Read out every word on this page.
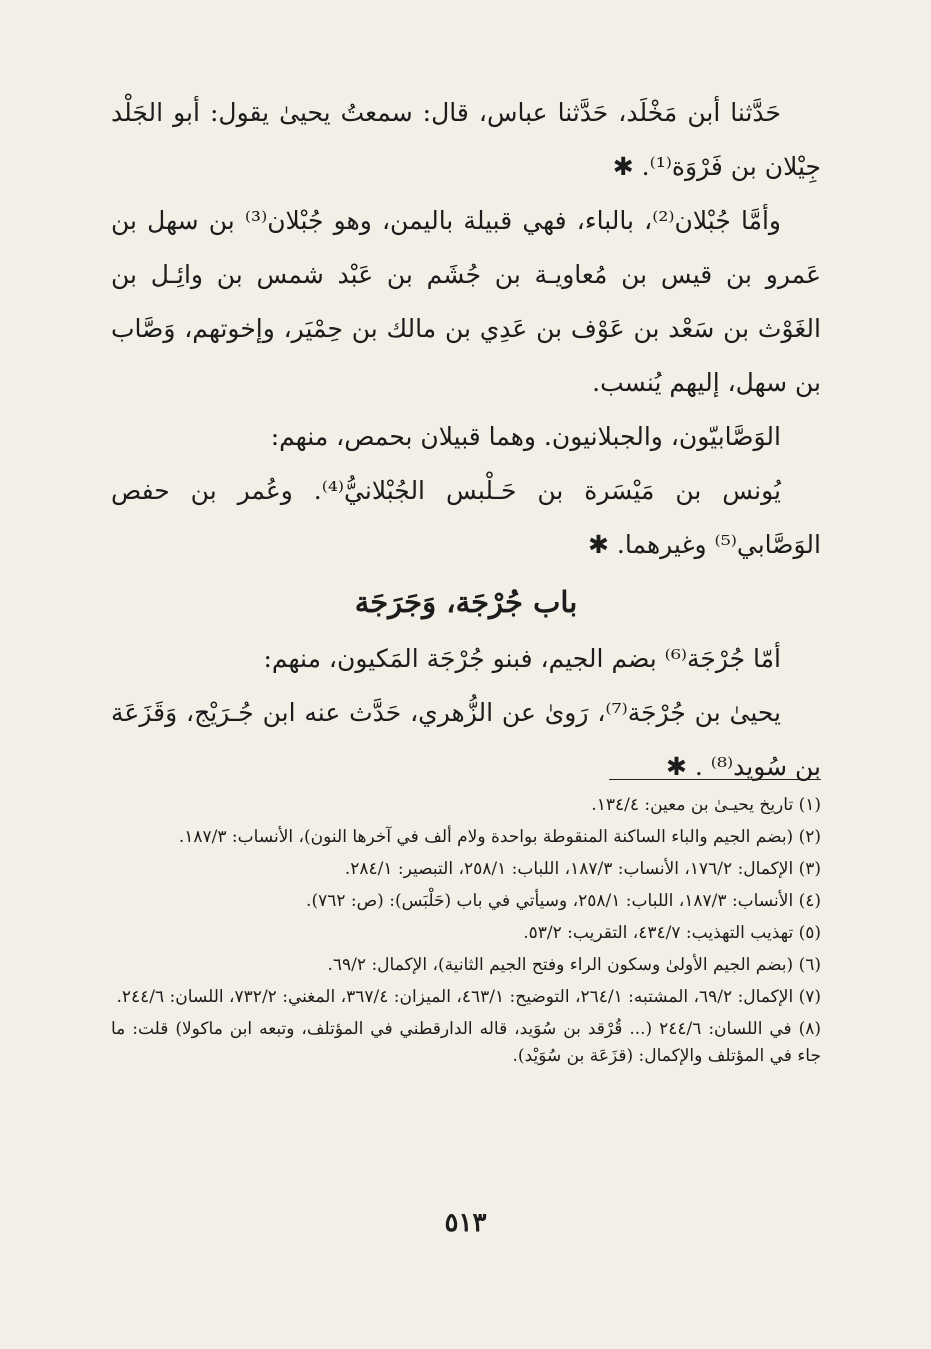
حَدَّثنا أبن مَخْلَد، حَدَّثنا عباس، قال: سمعتُ يحيىٰ يقول: أبو الجَلْد جِيْلان بن فَرْوَة⁽¹⁾. ✱

وأمَّا جُبْلان⁽²⁾، بالباء، فهي قبيلة باليمن، وهو جُبْلان⁽³⁾ بن سهل بن عَمرو بن قيس بن مُعاويـة بن جُشَم بن عَبْد شمس بن وائِـل بن الغَوْث بن سَعْد بن عَوْف بن عَدِي بن مالك بن حِمْيَر، وإخوتهم، وَصَّاب بن سهل، إليهم يُنسب.

الوَصَّابيّون، والجبلانيون. وهما قبيلان بحمص، منهم:

يُونس بن مَيْسَرة بن حَـلْبس الجُبْلانيُّ⁽⁴⁾. وعُمر بن حفص الوَصَّابي⁽⁵⁾ وغيرهما. ✱

باب جُرْجَة، وَجَرَجَة

أمّا جُرْجَة⁽⁶⁾ بضم الجيم، فبنو جُرْجَة المَكيون، منهم:

يحيىٰ بن جُرْجَة⁽⁷⁾، رَوىٰ عن الزُّهري، حَدَّث عنه ابن جُـرَيْج، وَقَزَعَة بن سُويد⁽⁸⁾ . ✱

(١) تاريخ يحيـىٰ بن معين: ١٣٤/٤.

(٢) (بضم الجيم والباء الساكنة المنقوطة بواحدة ولام ألف في آخرها النون)، الأنساب: ١٨٧/٣.

(٣) الإكمال: ١٧٦/٢، الأنساب: ١٨٧/٣، اللباب: ٢٥٨/١، التبصير: ٢٨٤/١.

(٤) الأنساب: ١٨٧/٣، اللباب: ٢٥٨/١، وسيأتي في باب (حَلْبَس): (ص: ٧٦٢).

(٥) تهذيب التهذيب: ٤٣٤/٧، التقريب: ٥٣/٢.

(٦) (بضم الجيم الأولىٰ وسكون الراء وفتح الجيم الثانية)، الإكمال: ٦٩/٢.

(٧) الإكمال: ٦٩/٢، المشتبه: ٢٦٤/١، التوضيح: ٤٦٣/١، الميزان: ٣٦٧/٤، المغني: ٧٣٢/٢، اللسان: ٢٤٤/٦.

(٨) في اللسان: ٢٤٤/٦ (... قُرْقد بن سُوَيد، قاله الدارقطني في المؤتلف، وتبعه ابن ماكولا) قلت: ما جاء في المؤتلف والإكمال: (قزَعَة بن سُوَيْد).

٥١٣
